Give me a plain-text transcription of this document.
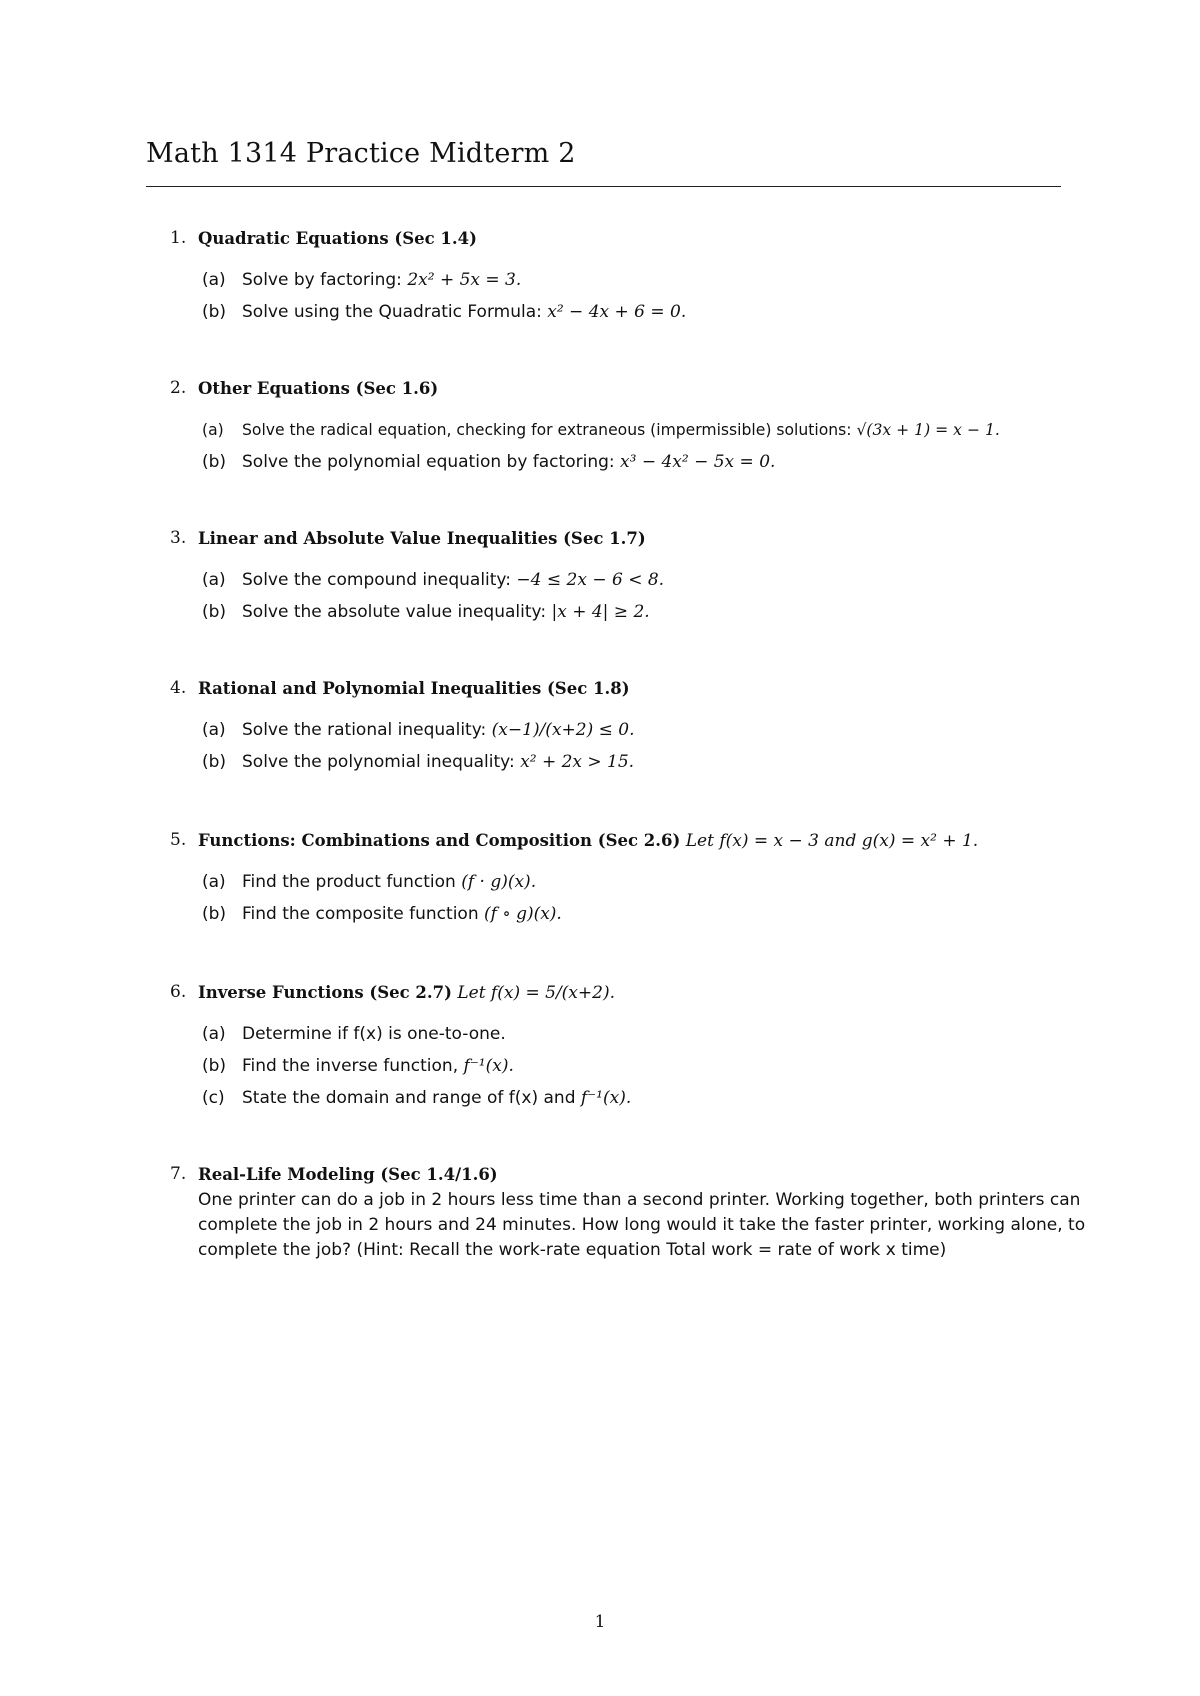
Math 1314 Practice Midterm 2
1. Quadratic Equations (Sec 1.4)
(a) Solve by factoring: 2x² + 5x = 3.
(b) Solve using the Quadratic Formula: x² − 4x + 6 = 0.
2. Other Equations (Sec 1.6)
(a) Solve the radical equation, checking for extraneous (impermissible) solutions: √(3x + 1) = x − 1.
(b) Solve the polynomial equation by factoring: x³ − 4x² − 5x = 0.
3. Linear and Absolute Value Inequalities (Sec 1.7)
(a) Solve the compound inequality: −4 ≤ 2x − 6 < 8.
(b) Solve the absolute value inequality: |x + 4| ≥ 2.
4. Rational and Polynomial Inequalities (Sec 1.8)
(a) Solve the rational inequality: (x−1)/(x+2) ≤ 0.
(b) Solve the polynomial inequality: x² + 2x > 15.
5. Functions: Combinations and Composition (Sec 2.6) Let f(x) = x − 3 and g(x) = x² + 1.
(a) Find the product function (f · g)(x).
(b) Find the composite function (f ∘ g)(x).
6. Inverse Functions (Sec 2.7) Let f(x) = 5/(x+2).
(a) Determine if f(x) is one-to-one.
(b) Find the inverse function, f⁻¹(x).
(c) State the domain and range of f(x) and f⁻¹(x).
7. Real-Life Modeling (Sec 1.4/1.6)
One printer can do a job in 2 hours less time than a second printer. Working together, both printers can complete the job in 2 hours and 24 minutes. How long would it take the faster printer, working alone, to complete the job? (Hint: Recall the work-rate equation Total work = rate of work x time)
1
